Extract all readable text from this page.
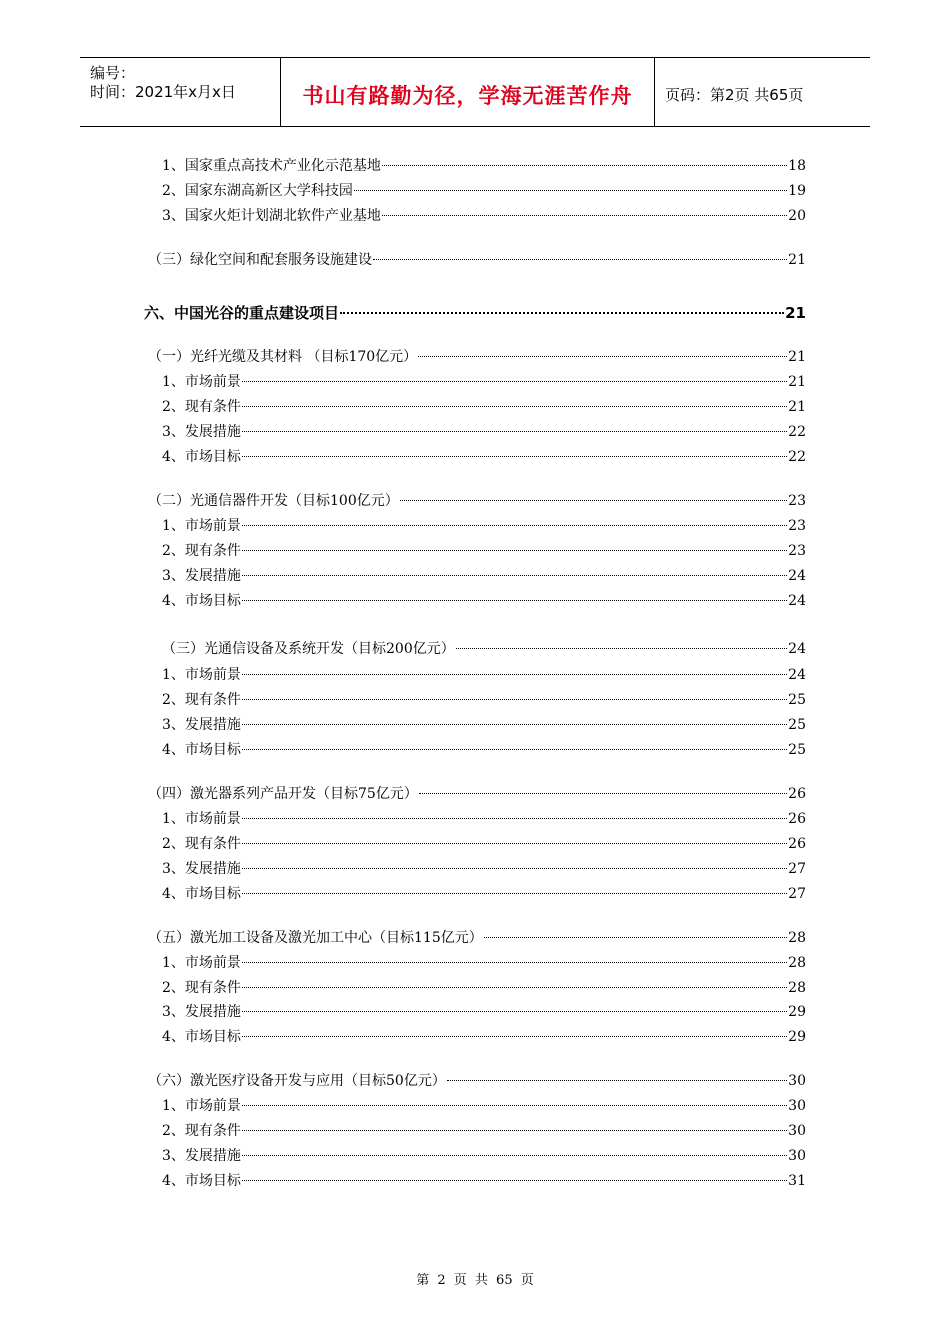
编号：
时间：2021年x月x日	书山有路勤为径，学海无涯苦作舟	页码：第2页 共65页
1、国家重点高技术产业化示范基地	18
2、国家东湖高新区大学科技园	19
3、国家火炬计划湖北软件产业基地	20
（三）绿化空间和配套服务设施建设	21
六、中国光谷的重点建设项目	21
（一）光纤光缆及其材料 （目标170亿元）	21
1、市场前景	21
2、现有条件	21
3、发展措施	22
4、市场目标	22
（二）光通信器件开发（目标100亿元）	23
1、市场前景	23
2、现有条件	23
3、发展措施	24
4、市场目标	24
（三）光通信设备及系统开发（目标200亿元）	24
1、市场前景	24
2、现有条件	25
3、发展措施	25
4、市场目标	25
（四）激光器系列产品开发（目标75亿元）	26
1、市场前景	26
2、现有条件	26
3、发展措施	27
4、市场目标	27
（五）激光加工设备及激光加工中心（目标115亿元）	28
1、市场前景	28
2、现有条件	28
3、发展措施	29
4、市场目标	29
（六）激光医疗设备开发与应用（目标50亿元）	30
1、市场前景	30
2、现有条件	30
3、发展措施	30
4、市场目标	31
第 2 页 共 65 页
